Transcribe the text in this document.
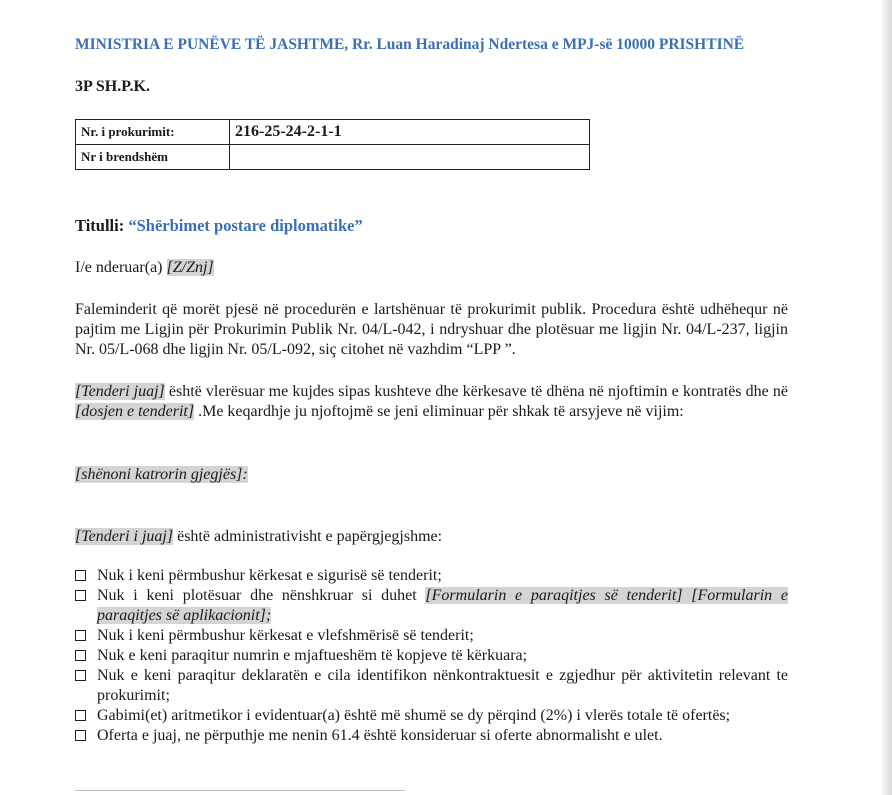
MINISTRIA E PUNËVE TË JASHTME, Rr. Luan Haradinaj Ndertesa e MPJ-së 10000 PRISHTINË
3P SH.P.K.
Nr. i prokurimit:	216-25-24-2-1-1
Nr i brendshëm	
Titulli: “Shërbimet postare diplomatike”
I/e nderuar(a) [Z/Znj]
Faleminderit që morët pjesë në procedurën e lartshënuar të prokurimit publik. Procedura është udhëhequr në pajtim me Ligjin për Prokurimin Publik Nr. 04/L-042, i ndryshuar dhe plotësuar me ligjin Nr. 04/L-237, ligjin Nr. 05/L-068 dhe ligjin Nr. 05/L-092, siç citohet në vazhdim “LPP ”.
[Tenderi juaj] është vlerësuar me kujdes sipas kushteve dhe kërkesave të dhëna në njoftimin e kontratës dhe në [dosjen e tenderit] .Me keqardhje ju njoftojmë se jeni eliminuar për shkak të arsyjeve në vijim:
[shënoni katrorin gjegjës]:
[Tenderi i juaj] është administrativisht e papërgjegjshme:
Nuk i keni përmbushur kërkesat e sigurisë së tenderit;
Nuk i keni plotësuar dhe nënshkruar si duhet [Formularin e paraqitjes së tenderit] [Formularin e paraqitjes së aplikacionit];
Nuk i keni përmbushur kërkesat e vlefshmërisë së tenderit;
Nuk e keni paraqitur numrin e mjaftueshëm të kopjeve të kërkuara;
Nuk e keni paraqitur deklaratën e cila identifikon nënkontraktuesit e zgjedhur për aktivitetin relevant te prokurimit;
Gabimi(et) aritmetikor i evidentuar(a) është më shumë se dy përqind (2%) i vlerës totale të ofertës;
Oferta e juaj, ne përputhje me nenin 61.4 është konsideruar si oferte abnormalisht e ulet.
